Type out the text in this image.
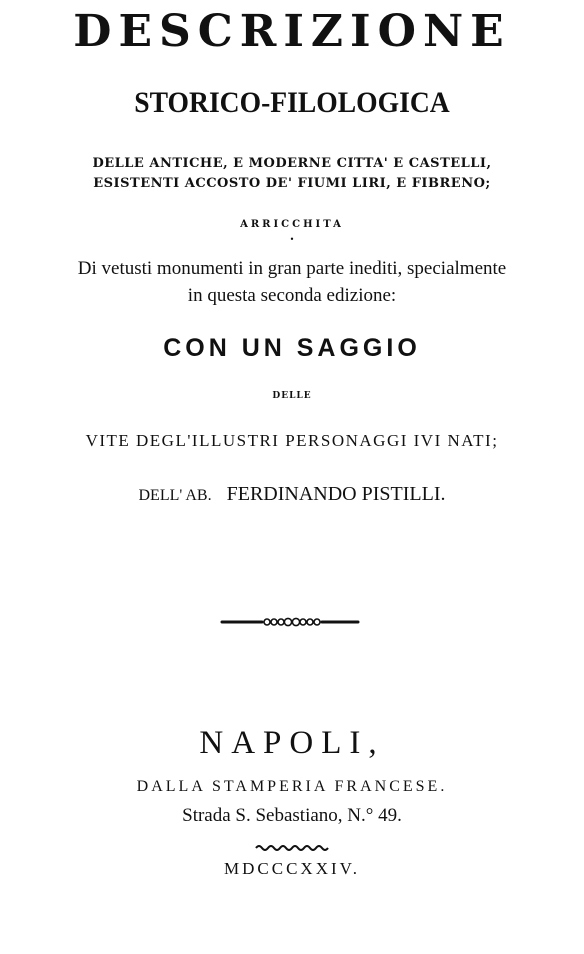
DESCRIZIONE
STORICO-FILOLOGICA
DELLE ANTICHE, E MODERNE CITTA' E CASTELLI,
ESISTENTI ACCOSTO DE' FIUMI LIRI, E FIBRENO;
ARRICCHITA
•
Di vetusti monumenti in gran parte inediti, specialmente
in questa seconda edizione:
CON UN SAGGIO
DELLE
VITE DEGL'ILLUSTRI PERSONAGGI IVI NATI;
DELL' AB. FERDINANDO PISTILLI.
NAPOLI,
DALLA STAMPERIA FRANCESE.
Strada S. Sebastiano, N.° 49.
MDCCCXXIV.
